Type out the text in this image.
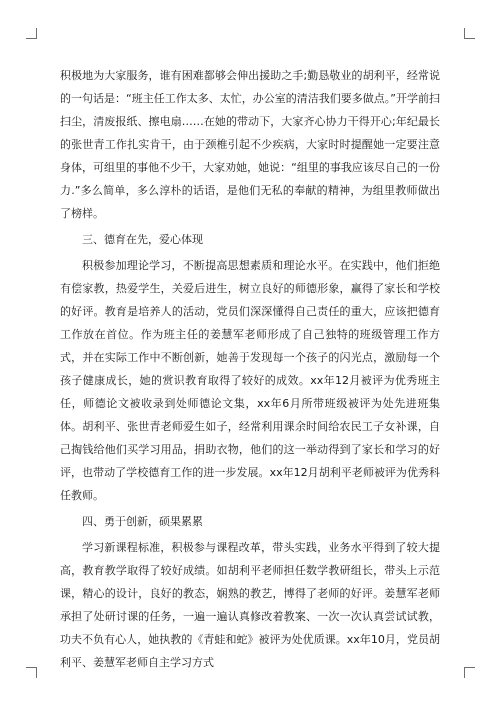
积极地为大家服务，谁有困难都够会伸出援助之手;勤恳敬业的胡利平，经常说的一句话是：“班主任工作太多、太忙，办公室的清洁我们要多做点。”开学前扫扫尘，清废报纸、擦电扇……在她的带动下，大家齐心协力干得开心;年纪最长的张世青工作扎实肯干，由于颈椎引起不少疾病，大家时时提醒她一定要注意身体，可组里的事他不少干，大家劝她，她说：“组里的事我应该尽自己的一份力.”多么简单，多么淳朴的话语，是他们无私的奉献的精神，为组里教师做出了榜样。

三、德育在先，爱心体现

积极参加理论学习，不断提高思想素质和理论水平。在实践中，他们拒绝有偿家教，热爱学生，关爱后进生，树立良好的师德形象，赢得了家长和学校的好评。教育是培养人的活动，党员们深深懂得自己责任的重大，应该把德育工作放在首位。作为班主任的姜慧军老师形成了自己独特的班级管理工作方式，并在实际工作中不断创新，她善于发现每一个孩子的闪光点，激励每一个孩子健康成长，她的赏识教育取得了较好的成效。xx年12月被评为优秀班主任，师德论文被收录到处师德论文集，xx年6月所带班级被评为处先进班集体。胡利平、张世青老师爱生如子，经常利用课余时间给农民工子女补课，自己掏钱给他们买学习用品，捐助衣物，他们的这一举动得到了家长和学习的好评，也带动了学校德育工作的进一步发展。xx年12月胡利平老师被评为优秀科任教师。

四、勇于创新，硕果累累

学习新课程标准，积极参与课程改革，带头实践，业务水平得到了较大提高，教育教学取得了较好成绩。如胡利平老师担任数学教研组长，带头上示范课，精心的设计，良好的教态，娴熟的教艺，博得了老师的好评。姜慧军老师承担了处研讨课的任务，一遍一遍认真修改着教案、一次一次认真尝试试教，功夫不负有心人，她执教的《青蛙和蛇》被评为处优质课。xx年10月，党员胡利平、姜慧军老师自主学习方式
